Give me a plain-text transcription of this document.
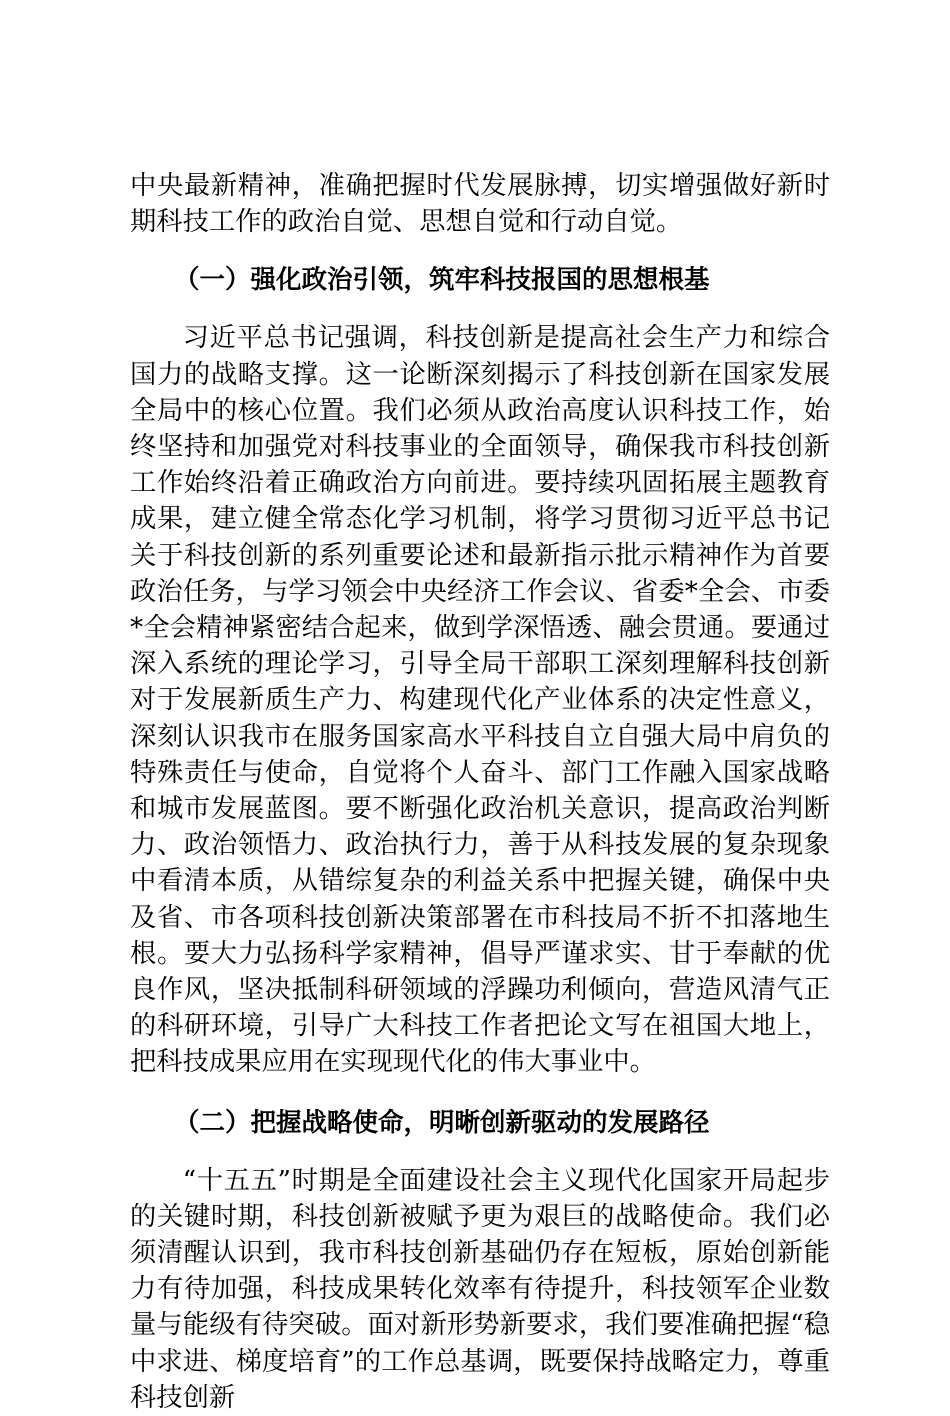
中央最新精神，准确把握时代发展脉搏，切实增强做好新时期科技工作的政治自觉、思想自觉和行动自觉。

（一）强化政治引领，筑牢科技报国的思想根基

习近平总书记强调，科技创新是提高社会生产力和综合国力的战略支撑。这一论断深刻揭示了科技创新在国家发展全局中的核心位置。我们必须从政治高度认识科技工作，始终坚持和加强党对科技事业的全面领导，确保我市科技创新工作始终沿着正确政治方向前进。要持续巩固拓展主题教育成果，建立健全常态化学习机制，将学习贯彻习近平总书记关于科技创新的系列重要论述和最新指示批示精神作为首要政治任务，与学习领会中央经济工作会议、省委*全会、市委*全会精神紧密结合起来，做到学深悟透、融会贯通。要通过深入系统的理论学习，引导全局干部职工深刻理解科技创新对于发展新质生产力、构建现代化产业体系的决定性意义，深刻认识我市在服务国家高水平科技自立自强大局中肩负的特殊责任与使命，自觉将个人奋斗、部门工作融入国家战略和城市发展蓝图。要不断强化政治机关意识，提高政治判断力、政治领悟力、政治执行力，善于从科技发展的复杂现象中看清本质，从错综复杂的利益关系中把握关键，确保中央及省、市各项科技创新决策部署在市科技局不折不扣落地生根。要大力弘扬科学家精神，倡导严谨求实、甘于奉献的优良作风，坚决抵制科研领域的浮躁功利倾向，营造风清气正的科研环境，引导广大科技工作者把论文写在祖国大地上，把科技成果应用在实现现代化的伟大事业中。

（二）把握战略使命，明晰创新驱动的发展路径

“十五五”时期是全面建设社会主义现代化国家开局起步的关键时期，科技创新被赋予更为艰巨的战略使命。我们必须清醒认识到，我市科技创新基础仍存在短板，原始创新能力有待加强，科技成果转化效率有待提升，科技领军企业数量与能级有待突破。面对新形势新要求，我们要准确把握“稳中求进、梯度培育”的工作总基调，既要保持战略定力，尊重科技创新
